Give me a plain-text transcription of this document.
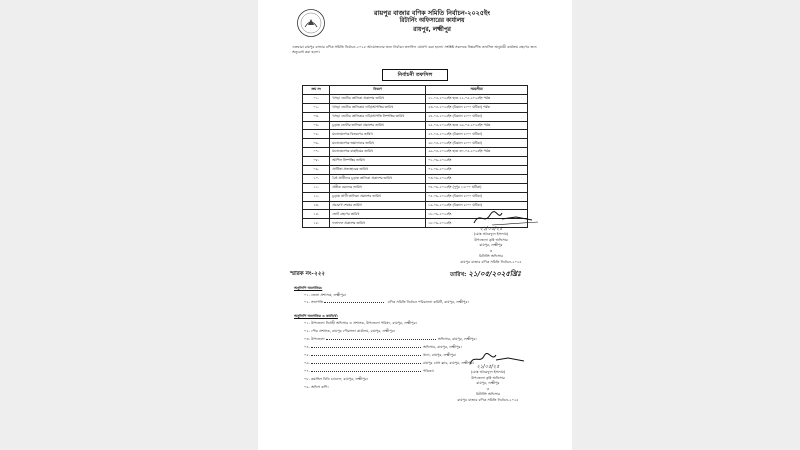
রায়পুর বাজার বণিক সমিতি নির্বাচন-২০২৫ইং
রিটার্নিং অফিসারের কার্যালয়
রায়পুর, লক্ষ্মীপুর
এতদ্বারা রায়পুর বাজার বণিক সমিতি নির্বাচন-২০২৫ আয়োজনের জন্য নির্বাচন তফসিল ঘোষণা করা হলো। সংশ্লিষ্ট সকলকে নিম্নবর্ণিত তফসিল অনুযায়ী কার্যক্রম গ্রহণের জন্য অনুরোধ করা হলো।
নির্বাচনী তফসিল
ক্রম নং	বিবরণ	সময়সীমা
০১.	খসড়া ভোটার তালিকা প্রকাশের তারিখ	২১-০৫-২০২৫ইং হতে ২২-০৫-২০২৫ইং পর্যন্ত
০২.	খসড়া ভোটার তালিকায় দাবি/আপত্তির তারিখ	২৩-০৫-২০২৫ইং (বিকাল ৫:০০ ঘটিকা) পর্যন্ত
০৩.	খসড়া ভোটার তালিকার দাবি/আপত্তি নিষ্পত্তির তারিখ	২৪-০৫-২০২৫ইং (বিকাল ৫:০০ ঘটিকা)
০৪.	চূড়ান্ত ভোটার তালিকা প্রকাশের তারিখ	২৫-০৫-২০২৫ইং হতে ২৬-০৫-২০২৫ইং পর্যন্ত
০৫.	মনোনয়নপত্র বিতরণের তারিখ	২৭-০৫-২০২৫ইং (বিকাল ৫:০০ ঘটিকা)
০৬.	মনোনয়নপত্র জমাদানের তারিখ	২৮-০৫-২০২৫ইং (বিকাল ৫:০০ ঘটিকা)
০৭.	মনোনয়নপত্র বাছাইয়ের তারিখ	২৯-০৫-২০২৫ইং হতে ৩০-০৫-২০২৫ইং পর্যন্ত
০৮.	আপিল নিষ্পত্তির তারিখ	০১-০৬-২০২৫ইং
০৯.	প্রার্থিতা প্রত্যাহারের তারিখ	০২-০৬-২০২৫ইং
১০.	বৈধ প্রার্থীদের চূড়ান্ত তালিকা প্রকাশের তারিখ	০৩-০৬-২০২৫ইং
১১.	প্রতীক বরাদ্দের তারিখ	০৪-০৬-২০২৫ইং (দুপুর ১২:০০ ঘটিকা)
১২.	চূড়ান্ত প্রার্থী তালিকা প্রকাশের তারিখ	০৫-০৬-২০২৫ইং (বিকাল ৫:০০ ঘটিকা)
১৩.	প্রচারণা শেষের তারিখ	১৬-০৬-২০২৫ইং (বিকাল ৫:০০ ঘটিকা)
১৪.	ভোট গ্রহণের তারিখ	১৮-০৬-২০২৫ইং
১৫.	ফলাফল প্রকাশের তারিখ	১৮-০৬-২০২৫ইং
২১/০৫/২৫
(মোঃ আরেফুল ইসলাম)
উপজেলা কৃষি অফিসার
রায়পুর, লক্ষ্মীপুর
ও
রিটার্নিং অফিসার
রায়পুর বাজার বণিক সমিতি নির্বাচন-২০২৫
স্মারক নং-২২২	তারিখ: ২১/০৫/২০২৫খ্রিঃ
অনুলিপি অবগতির:
০১. জেলা প্রশাসক, লক্ষ্মীপুর।
০২. সভাপতি	বণিক সমিতি নির্বাচন পরিচালনা কমিটি, রায়পুর, লক্ষ্মীপুর।
অনুলিপি অবগতির ও কার্যার্থে:
০১. উপজেলা নির্বাহী অফিসার ও প্রশাসক, উপজেলা পরিষদ, রায়পুর, লক্ষ্মীপুর।
০২. পৌর প্রশাসক, রায়পুর পৌরসভা কার্যালয়, রায়পুর, লক্ষ্মীপুর।
০৩. উপজেলা	অফিসার, রায়পুর, লক্ষ্মীপুর।
০৪.	অফিসার, রায়পুর, লক্ষ্মীপুর।
০৫.	থানা, রায়পুর, লক্ষ্মীপুর।
০৬.	রায়পুর প্রেস ক্লাব, রায়পুর, লক্ষ্মীপুর।
০৭.	পত্রিকা।
০৮. কমান্ডিং বিডি চ্যানেল, রায়পুর, লক্ষ্মীপুর।
০৯. অফিস কপি।
২১/০৫/২৫
(মোঃ আরেফুল ইসলাম)
উপজেলা কৃষি অফিসার
রায়পুর, লক্ষ্মীপুর
ও
রিটার্নিং অফিসার
রায়পুর বাজার বণিক সমিতি নির্বাচন-২০২৫
